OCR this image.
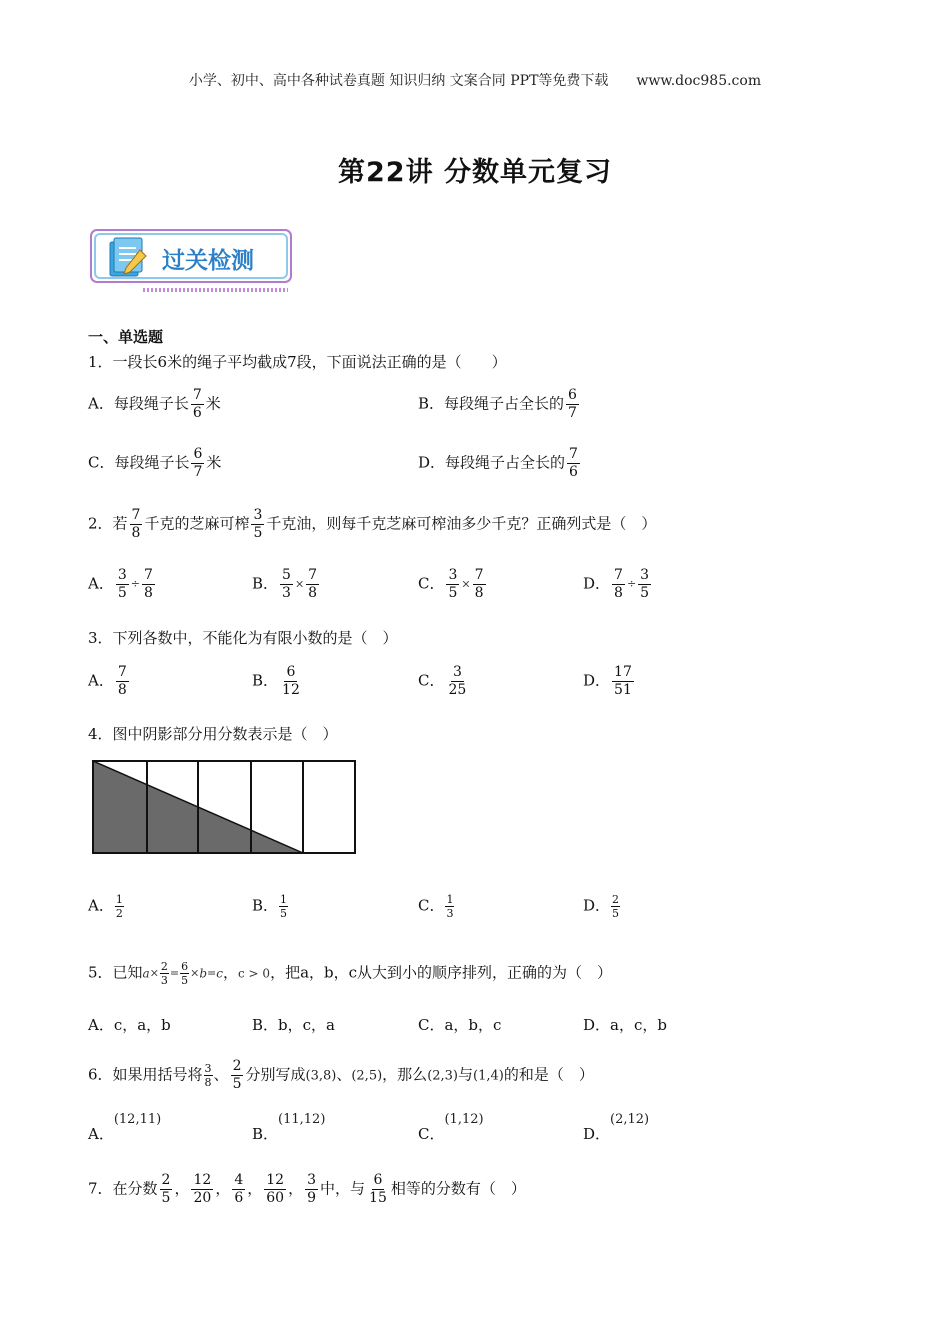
小学、初中、高中各种试卷真题 知识归纳 文案合同 PPT等免费下载　　www.doc985.com
第22讲 分数单元复习
过关检测
一、单选题
1．一段长6米的绳子平均截成7段，下面说法正确的是（　　）
A．每段绳子长 $\frac{7}{6}$ 米	B．每段绳子占全长的 $\frac{6}{7}$
C．每段绳子长 $\frac{6}{7}$ 米	D．每段绳子占全长的 $\frac{7}{6}$
2．若 $\frac{7}{8}$ 千克的芝麻可榨 $\frac{3}{5}$ 千克油，则每千克芝麻可榨油多少千克？正确列式是（　）
A． $\frac{3}{5} \div \frac{7}{8}$	B． $\frac{5}{3} \times \frac{7}{8}$	C． $\frac{3}{5} \times \frac{7}{8}$	D． $\frac{7}{8} \div \frac{3}{5}$
3．下列各数中，不能化为有限小数的是（　）
A． $\frac{7}{8}$	B． $\frac{6}{12}$	C． $\frac{3}{25}$	D． $\frac{17}{51}$
4．图中阴影部分用分数表示是（　）
A． $\frac{1}{2}$	B． $\frac{1}{5}$	C． $\frac{1}{3}$	D． $\frac{2}{5}$
5．已知$a\times \frac{2}{3} = \frac{6}{5} \times b=c$，c > 0，把a，b，c从大到小的顺序排列，正确的为（　）
A．c，a，b	B．b，c，a	C．a，b，c	D．a，c，b
6．如果用括号将 $\frac{3}{8}$ 、 $\frac{2}{5}$ 分别写成(3,8)、(2,5)，那么(2,3)与(1,4)的和是（　）
A．(12,11)
B．(11,12)
C．(1,12)
D．(2,12)
7．在分数 $\frac{2}{5}$ ， $\frac{12}{20}$ ， $\frac{4}{6}$ ， $\frac{12}{60}$ ， $\frac{3}{9}$ 中，与 $\frac{6}{15}$ 相等的分数有（　）
